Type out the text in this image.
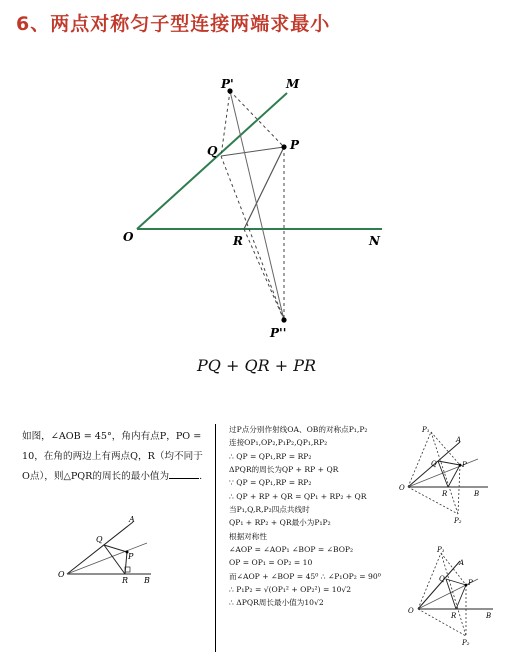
6、两点对称匀子型连接两端求最小
P'	M
P
Q
O	R	N
P''
PQ + QR + PR
如图，∠AOB = 45°，角内有点P，PO = 10，在角的两边上有两点Q，R（均不同于O点），则△PQR的周长的最小值为	.
A
Q
P
O
R B
过P点分别作射线OA、OB的对称点P₁,P₂
连接OP₁,OP₂,P₁P₂,QP₁,RP₂
∴ QP = QP₁,RP = RP₂
ΔPQR的周长为QP + RP + QR
∵ QP = QP₁,RP = RP₂
∴ QP + RP + QR = QP₁ + RP₂ + QR
当P₁,Q,R,P₂四点共线时
QP₁ + RP₂ + QR最小为P₁P₂
根据对称性
∠AOP = ∠AOP₁ ∠BOP = ∠BOP₂
OP = OP₁ = OP₂ = 10
而∠AOP + ∠BOP = 45⁰ ∴ ∠P₁OP₂ = 90⁰
∴ P₁P₂ = √(OP₁² + OP₂²) = 10√2
∴ ΔPQR周长最小值为10√2
P₁
A
Q	P
O
R	B
P₂
P₁
A
Q	P
O
R	B
P₂
